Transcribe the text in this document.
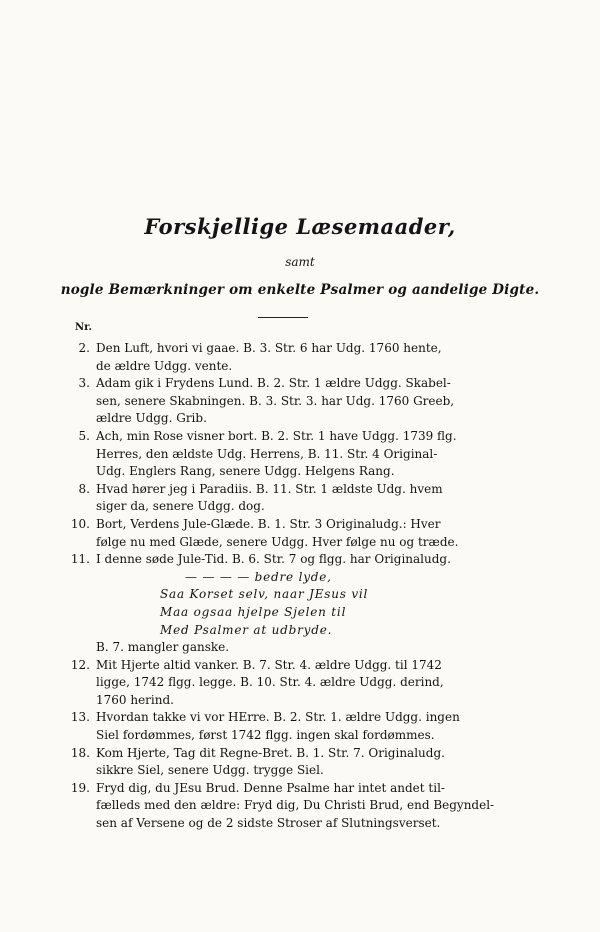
Forskjellige Læsemaader,
samt
nogle Bemærkninger om enkelte Psalmer og aandelige Digte.
Nr.
2. Den Luft, hvori vi gaae. B. 3. Str. 6 har Udg. 1760 hente,
de ældre Udgg. vente.
3. Adam gik i Frydens Lund. B. 2. Str. 1 ældre Udgg. Skabel-
sen, senere Skabningen. B. 3. Str. 3. har Udg. 1760 Greeb,
ældre Udgg. Grib.
5. Ach, min Rose visner bort. B. 2. Str. 1 have Udgg. 1739 flg.
Herres, den ældste Udg. Herrens, B. 11. Str. 4 Original-
Udg. Englers Rang, senere Udgg. Helgens Rang.
8. Hvad hører jeg i Paradiis. B. 11. Str. 1 ældste Udg. hvem
siger da, senere Udgg. dog.
10. Bort, Verdens Jule-Glæde. B. 1. Str. 3 Originaludg.: Hver
følge nu med Glæde, senere Udgg. Hver følge nu og træde.
11. I denne søde Jule-Tid. B. 6. Str. 7 og flgg. har Originaludg.
— — — — bedre lyde,
Saa Korset selv, naar JEsus vil
Maa ogsaa hjelpe Sjelen til
Med Psalmer at udbryde.
B. 7. mangler ganske.
12. Mit Hjerte altid vanker. B. 7. Str. 4. ældre Udgg. til 1742
ligge, 1742 flgg. legge. B. 10. Str. 4. ældre Udgg. derind,
1760 herind.
13. Hvordan takke vi vor HErre. B. 2. Str. 1. ældre Udgg. ingen
Siel fordømmes, først 1742 flgg. ingen skal fordømmes.
18. Kom Hjerte, Tag dit Regne-Bret. B. 1. Str. 7. Originaludg.
sikkre Siel, senere Udgg. trygge Siel.
19. Fryd dig, du JEsu Brud. Denne Psalme har intet andet til-
fælleds med den ældre: Fryd dig, Du Christi Brud, end Begyndel-
sen af Versene og de 2 sidste Stroser af Slutningsverset.
